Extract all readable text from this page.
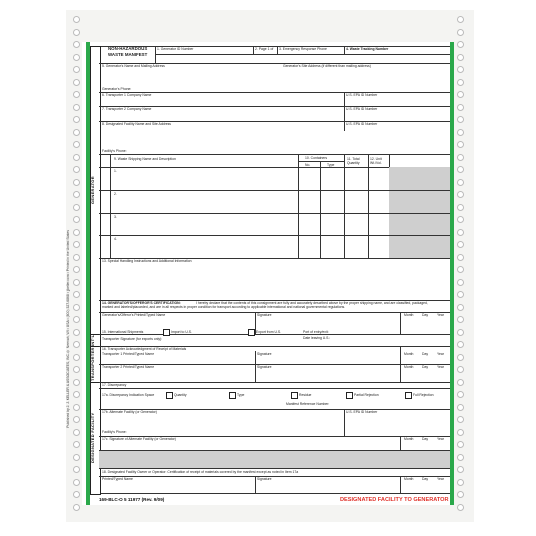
Published by J. J. KELLER & ASSOCIATES, INC.® Neenah, WI • USA • (800) 327-6868 • jjkeller.com • Printed in the United States
GENERATOR
INT'L
TRANSPORTER
DESIGNATED FACILITY
NON-HAZARDOUS
WASTE MANIFEST
1. Generator ID Number	2. Page 1 of 3. Emergency Response Phone	4. Waste Tracking Number
5. Generator's Name and Mailing Address	Generator's Site Address (if different than mailing address)
Generator's Phone:
6. Transporter 1 Company Name	U.S. EPA ID Number
7. Transporter 2 Company Name	U.S. EPA ID Number
8. Designated Facility Name and Site Address	U.S. EPA ID Number
Facility's Phone:
9. Waste Shipping Name and Description	10. Containers
No.	Type
11. Total Quantity
12. Unit Wt./Vol.
1.
2.
3.
4.
13. Special Handling Instructions and Additional Information
14. GENERATOR'S/OFFEROR'S CERTIFICATION:	I hereby declare that the contents of this consignment are fully and accurately described above by the proper shipping name, and are classified, packaged,
marked and labeled/placarded, and are in all respects in proper condition for transport according to applicable international and national governmental regulations.
Generator's/Offeror's Printed/Typed Name	Signature	Month	Day	Year
15. International Shipments	Import to U.S.	Export from U.S.	Port of entry/exit:
Date leaving U.S.:
Transporter Signature (for exports only):
16. Transporter Acknowledgment of Receipt of Materials
Transporter 1 Printed/Typed Name	Signature	Month	Day	Year
Transporter 2 Printed/Typed Name	Signature	Month	Day	Year
17. Discrepancy
17a. Discrepancy Indication Space	Quantity	Type	Residue	Partial Rejection	Full Rejection
Manifest Reference Number:
17b. Alternate Facility (or Generator)	U.S. EPA ID Number
Facility's Phone:
17c. Signature of Alternate Facility (or Generator)	Month	Day	Year
18. Designated Facility Owner or Operator: Certification of receipt of materials covered by the manifest except as noted in Item 17a
Printed/Typed Name	Signature	Month	Day	Year
169-BLC-O 5 11977 (Rev. 9/09)	DESIGNATED FACILITY TO GENERATOR
